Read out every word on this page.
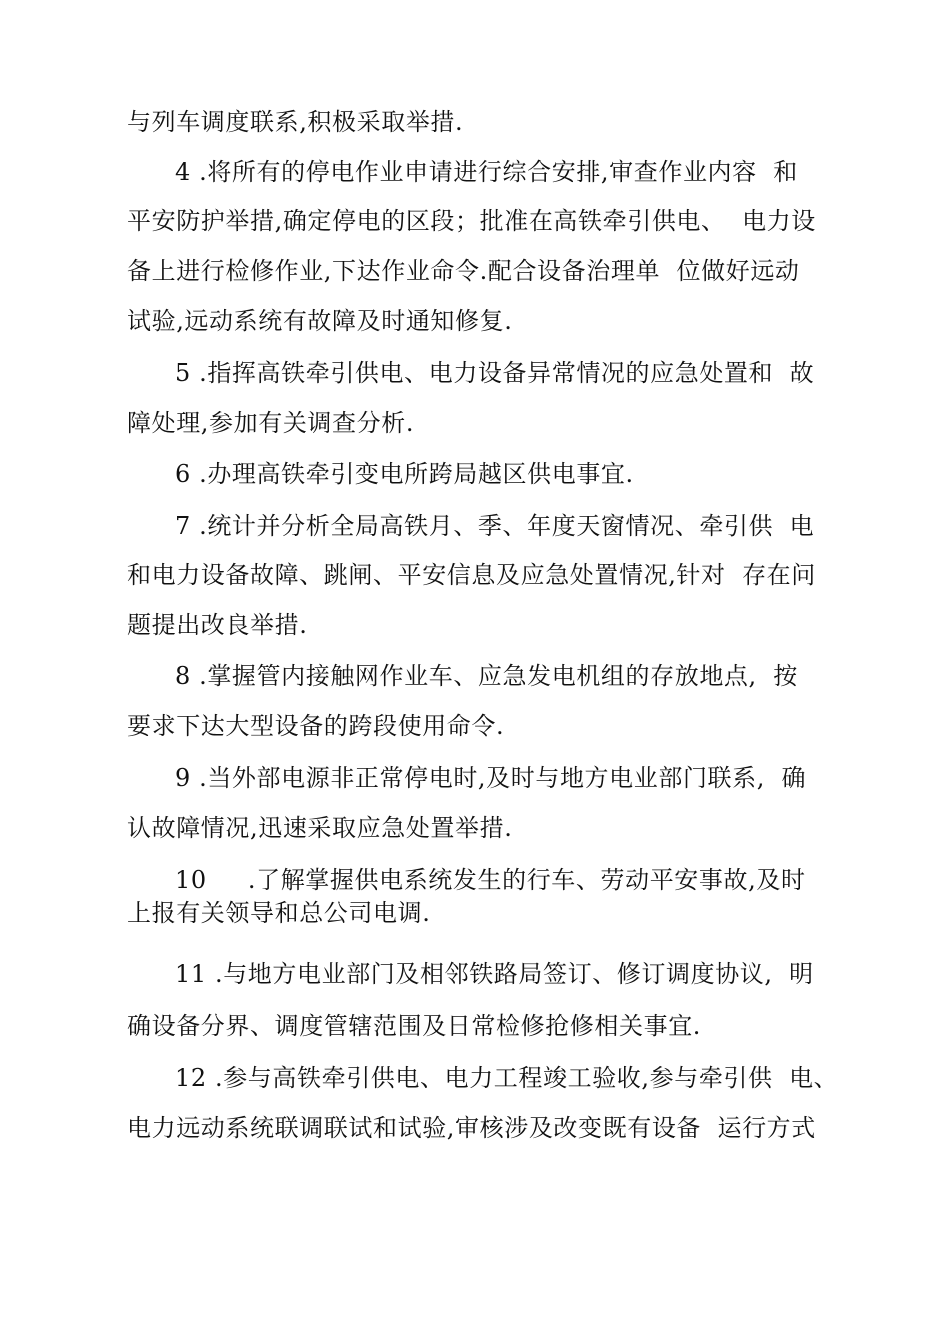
与列车调度联系,积极采取举措.
4 .将所有的停电作业申请进行综合安排,审查作业内容  和
平安防护举措,确定停电的区段；批准在高铁牵引供电、  电力设
备上进行检修作业,下达作业命令.配合设备治理单  位做好远动
试验,远动系统有故障及时通知修复.
5 .指挥高铁牵引供电、电力设备异常情况的应急处置和  故
障处理,参加有关调查分析.
6 .办理高铁牵引变电所跨局越区供电事宜.
7 .统计并分析全局高铁月、季、年度天窗情况、牵引供  电
和电力设备故障、跳闸、平安信息及应急处置情况,针对  存在问
题提出改良举措.
8 .掌握管内接触网作业车、应急发电机组的存放地点,  按
要求下达大型设备的跨段使用命令.
9 .当外部电源非正常停电时,及时与地方电业部门联系,  确
认故障情况,迅速采取应急处置举措.
10     .了解掌握供电系统发生的行车、劳动平安事故,及时
上报有关领导和总公司电调.
11 .与地方电业部门及相邻铁路局签订、修订调度协议,  明
确设备分界、调度管辖范围及日常检修抢修相关事宜.
12 .参与高铁牵引供电、电力工程竣工验收,参与牵引供  电、
电力远动系统联调联试和试验,审核涉及改变既有设备  运行方式
